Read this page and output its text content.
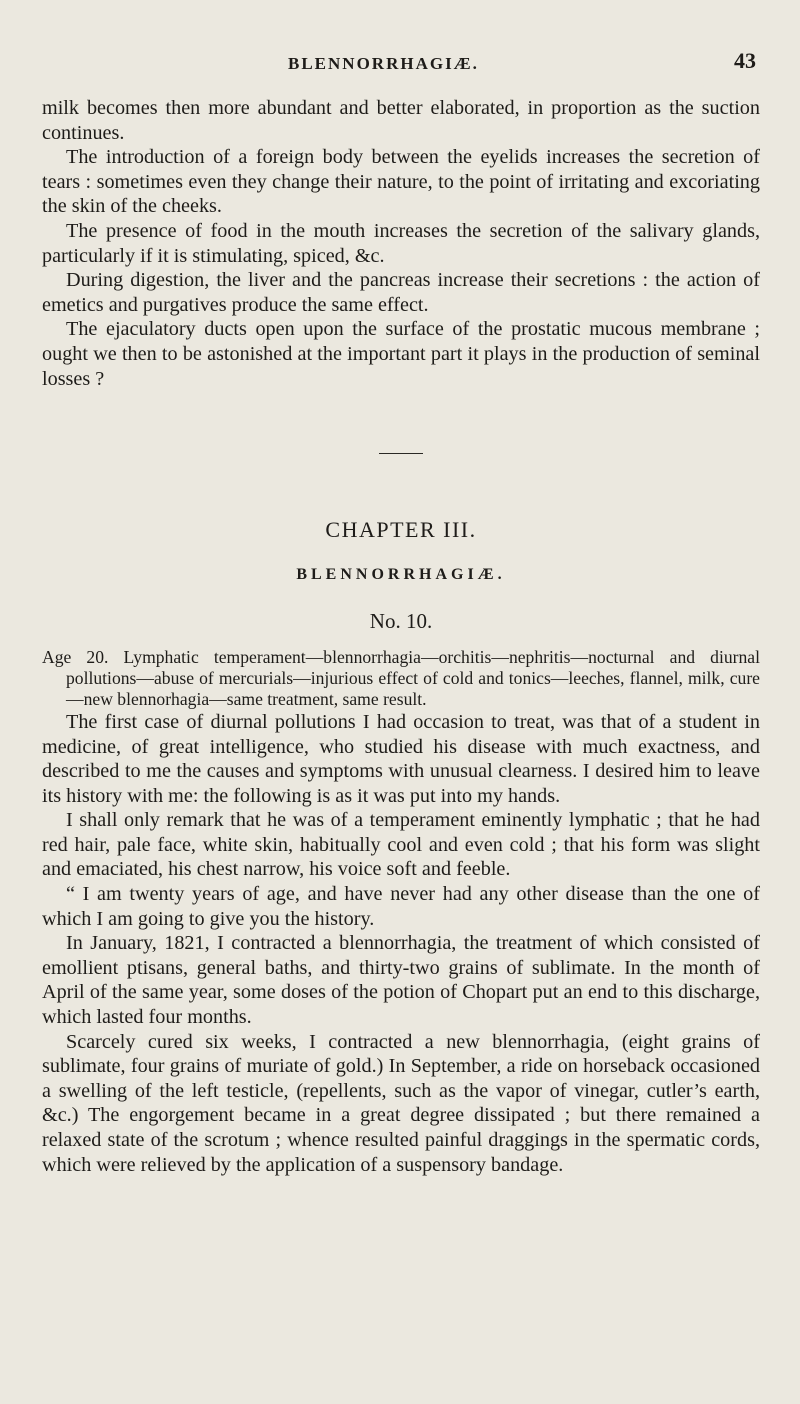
BLENNORRHAGIÆ.	43

milk becomes then more abundant and better elaborated, in proportion as the suction continues.

The introduction of a foreign body between the eyelids increases the secretion of tears : sometimes even they change their nature, to the point of irritating and excoriating the skin of the cheeks.

The presence of food in the mouth increases the secretion of the salivary glands, particularly if it is stimulating, spiced, &c.

During digestion, the liver and the pancreas increase their secretions : the action of emetics and purgatives produce the same effect.

The ejaculatory ducts open upon the surface of the prostatic mucous membrane ; ought we then to be astonished at the important part it plays in the production of seminal losses ?

CHAPTER III.
BLENNORRHAGIÆ.
No. 10.
Age 20. Lymphatic temperament—blennorrhagia—orchitis—nephritis—nocturnal and diurnal pollutions—abuse of mercurials—injurious effect of cold and tonics—leeches, flannel, milk, cure—new blennorhagia—same treatment, same result.

The first case of diurnal pollutions I had occasion to treat, was that of a student in medicine, of great intelligence, who studied his disease with much exactness, and described to me the causes and symptoms with unusual clearness. I desired him to leave its history with me: the following is as it was put into my hands.

I shall only remark that he was of a temperament eminently lymphatic ; that he had red hair, pale face, white skin, habitually cool and even cold ; that his form was slight and emaciated, his chest narrow, his voice soft and feeble.

“ I am twenty years of age, and have never had any other disease than the one of which I am going to give you the history.

In January, 1821, I contracted a blennorrhagia, the treatment of which consisted of emollient ptisans, general baths, and thirty-two grains of sublimate. In the month of April of the same year, some doses of the potion of Chopart put an end to this discharge, which lasted four months.

Scarcely cured six weeks, I contracted a new blennorrhagia, (eight grains of sublimate, four grains of muriate of gold.) In September, a ride on horseback occasioned a swelling of the left testicle, (repellents, such as the vapor of vinegar, cutler’s earth, &c.) The engorgement became in a great degree dissipated ; but there remained a relaxed state of the scrotum ; whence resulted painful draggings in the spermatic cords, which were relieved by the application of a suspensory bandage.
